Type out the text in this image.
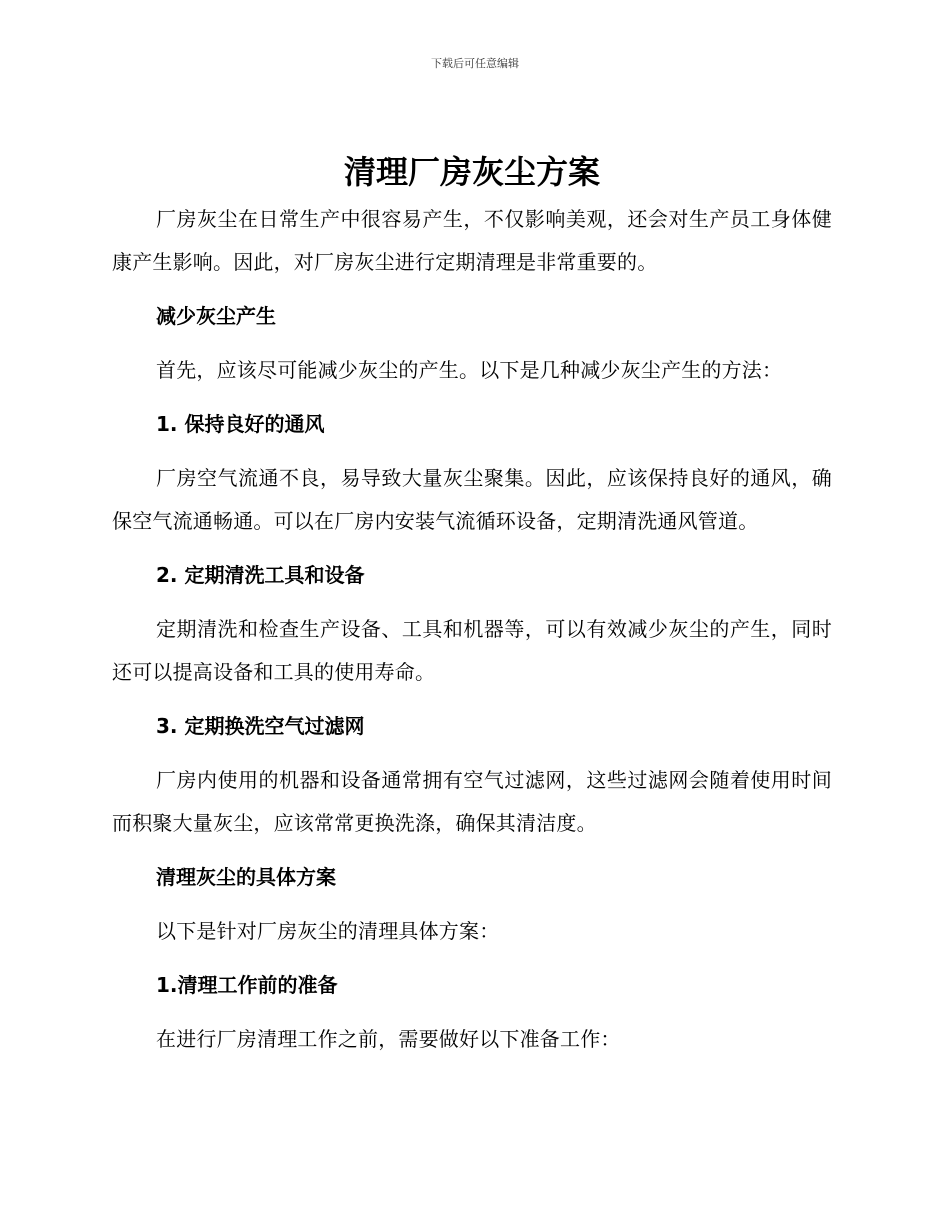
下载后可任意编辑
清理厂房灰尘方案

厂房灰尘在日常生产中很容易产生，不仅影响美观，还会对生产员工身体健康产生影响。因此，对厂房灰尘进行定期清理是非常重要的。

减少灰尘产生

首先，应该尽可能减少灰尘的产生。以下是几种减少灰尘产生的方法：

1. 保持良好的通风

厂房空气流通不良，易导致大量灰尘聚集。因此，应该保持良好的通风，确保空气流通畅通。可以在厂房内安装气流循环设备，定期清洗通风管道。

2. 定期清洗工具和设备

定期清洗和检查生产设备、工具和机器等，可以有效减少灰尘的产生，同时还可以提高设备和工具的使用寿命。

3. 定期换洗空气过滤网

厂房内使用的机器和设备通常拥有空气过滤网，这些过滤网会随着使用时间而积聚大量灰尘，应该常常更换洗涤，确保其清洁度。

清理灰尘的具体方案

以下是针对厂房灰尘的清理具体方案：

1.清理工作前的准备

在进行厂房清理工作之前，需要做好以下准备工作：
